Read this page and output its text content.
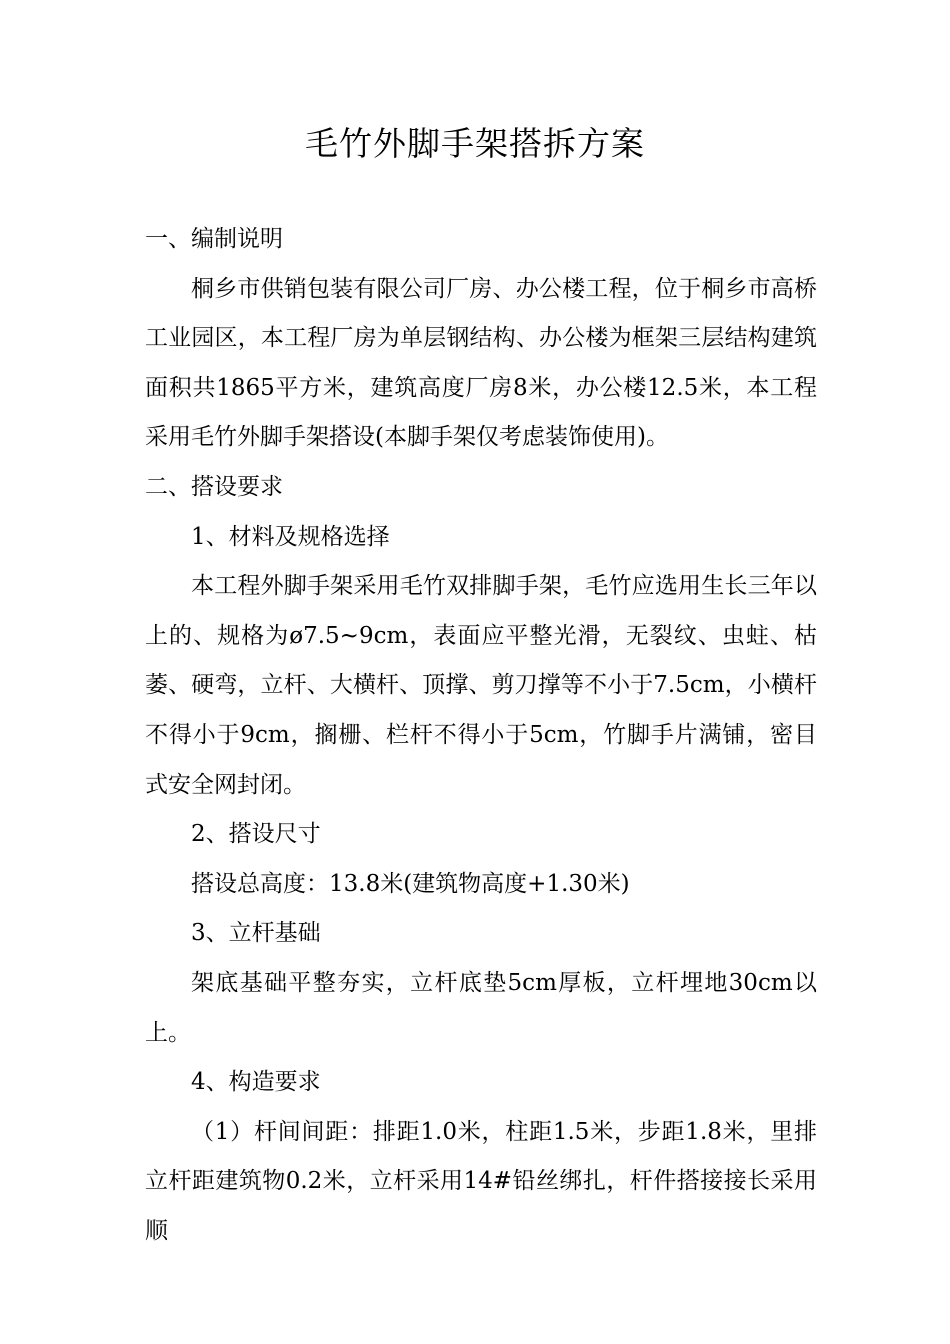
毛竹外脚手架搭拆方案

一、编制说明

桐乡市供销包装有限公司厂房、办公楼工程，位于桐乡市高桥工业园区，本工程厂房为单层钢结构、办公楼为框架三层结构建筑面积共1865平方米，建筑高度厂房8米，办公楼12.5米，本工程采用毛竹外脚手架搭设(本脚手架仅考虑装饰使用)。

二、搭设要求

1、材料及规格选择

本工程外脚手架采用毛竹双排脚手架，毛竹应选用生长三年以上的、规格为ø7.5~9cm，表面应平整光滑，无裂纹、虫蛀、枯萎、硬弯，立杆、大横杆、顶撑、剪刀撑等不小于7.5cm，小横杆不得小于9cm，搁栅、栏杆不得小于5cm，竹脚手片满铺，密目式安全网封闭。

2、搭设尺寸

搭设总高度：13.8米(建筑物高度+1.30米)

3、立杆基础

架底基础平整夯实，立杆底垫5cm厚板，立杆埋地30cm以上。

4、构造要求

（1）杆间间距：排距1.0米，柱距1.5米，步距1.8米，里排立杆距建筑物0.2米，立杆采用14#铅丝绑扎，杆件搭接接长采用顺
